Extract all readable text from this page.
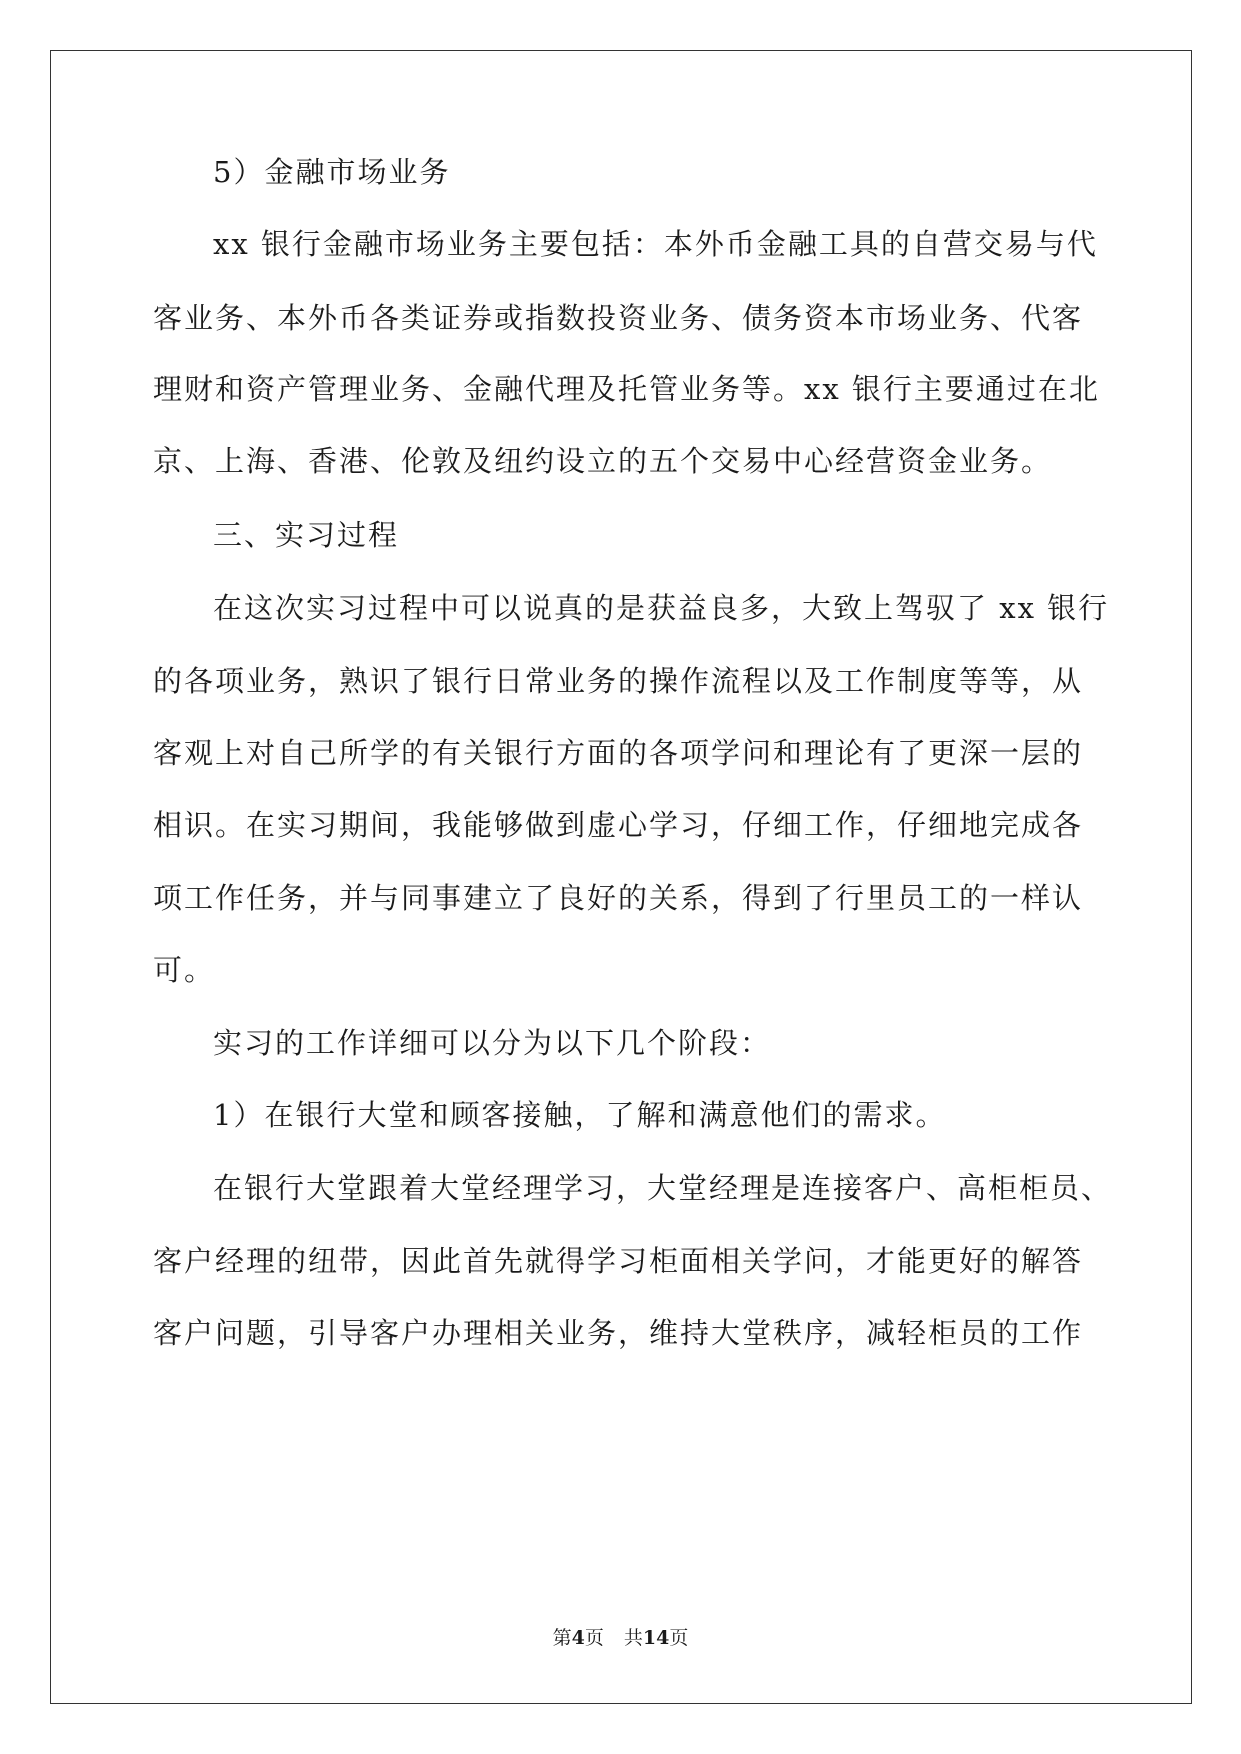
5）金融市场业务
xx 银行金融市场业务主要包括：本外币金融工具的自营交易与代
客业务、本外币各类证券或指数投资业务、债务资本市场业务、代客
理财和资产管理业务、金融代理及托管业务等。xx 银行主要通过在北
京、上海、香港、伦敦及纽约设立的五个交易中心经营资金业务。
三、实习过程
在这次实习过程中可以说真的是获益良多，大致上驾驭了 xx 银行
的各项业务，熟识了银行日常业务的操作流程以及工作制度等等，从
客观上对自己所学的有关银行方面的各项学问和理论有了更深一层的
相识。在实习期间，我能够做到虚心学习，仔细工作，仔细地完成各
项工作任务，并与同事建立了良好的关系，得到了行里员工的一样认
可。
实习的工作详细可以分为以下几个阶段：
1）在银行大堂和顾客接触，了解和满意他们的需求。
在银行大堂跟着大堂经理学习，大堂经理是连接客户、高柜柜员、
客户经理的纽带，因此首先就得学习柜面相关学问，才能更好的解答
客户问题，引导客户办理相关业务，维持大堂秩序，减轻柜员的工作
第4页 共14页
